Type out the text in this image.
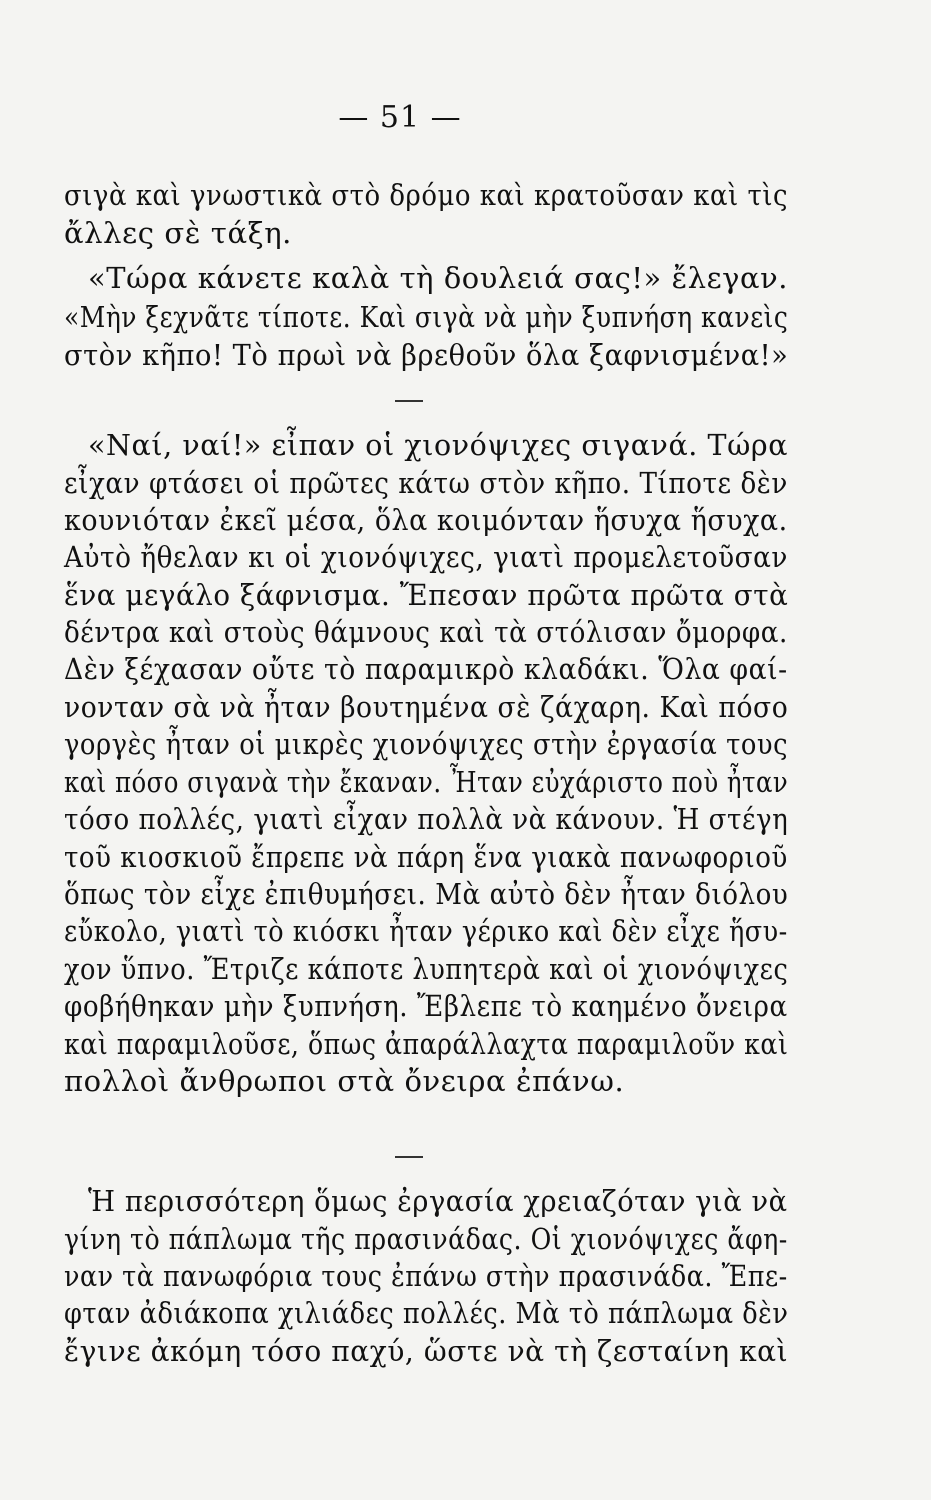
— 51 —
σιγὰ καὶ γνωστικὰ στὸ δρόμο καὶ κρατοῦσαν καὶ τὶς
ἄλλες σὲ τάξη.
«Τώρα κάνετε καλὰ τὴ δουλειά σας!» ἔλεγαν.
«Μὴν ξεχνᾶτε τίποτε. Καὶ σιγὰ νὰ μὴν ξυπνήση κανεὶς
στὸν κῆπο! Τὸ πρωὶ νὰ βρεθοῦν ὅλα ξαφνισμένα!»
«Ναί, ναί!» εἶπαν οἱ χιονόψιχες σιγανά. Τώρα
εἶχαν φτάσει οἱ πρῶτες κάτω στὸν κῆπο. Τίποτε δὲν
κουνιόταν ἐκεῖ μέσα, ὅλα κοιμόνταν ἥσυχα ἥσυχα.
Αὐτὸ ἤθελαν κι οἱ χιονόψιχες, γιατὶ προμελετοῦσαν
ἕνα μεγάλο ξάφνισμα. Ἔπεσαν πρῶτα πρῶτα στὰ
δέντρα καὶ στοὺς θάμνους καὶ τὰ στόλισαν ὄμορφα.
Δὲν ξέχασαν οὔτε τὸ παραμικρὸ κλαδάκι. Ὅλα φαί-
νονταν σὰ νὰ ἦταν βουτημένα σὲ ζάχαρη. Καὶ πόσο
γοργὲς ἦταν οἱ μικρὲς χιονόψιχες στὴν ἐργασία τους
καὶ πόσο σιγανὰ τὴν ἔκαναν. Ἦταν εὐχάριστο ποὺ ἦταν
τόσο πολλές, γιατὶ εἶχαν πολλὰ νὰ κάνουν. Ἡ στέγη
τοῦ κιοσκιοῦ ἔπρεπε νὰ πάρη ἕνα γιακὰ πανωφοριοῦ
ὅπως τὸν εἶχε ἐπιθυμήσει. Μὰ αὐτὸ δὲν ἦταν διόλου
εὔκολο, γιατὶ τὸ κιόσκι ἦταν γέρικο καὶ δὲν εἶχε ἥσυ-
χον ὕπνο. Ἔτριζε κάποτε λυπητερὰ καὶ οἱ χιονόψιχες
φοβήθηκαν μὴν ξυπνήση. Ἔβλεπε τὸ καημένο ὄνειρα
καὶ παραμιλοῦσε, ὅπως ἀπαράλλαχτα παραμιλοῦν καὶ
πολλοὶ ἄνθρωποι στὰ ὄνειρα ἐπάνω.
Ἡ περισσότερη ὅμως ἐργασία χρειαζόταν γιὰ νὰ
γίνη τὸ πάπλωμα τῆς πρασινάδας. Οἱ χιονόψιχες ἄφη-
ναν τὰ πανωφόρια τους ἐπάνω στὴν πρασινάδα. Ἔπε-
φταν ἀδιάκοπα χιλιάδες πολλές. Μὰ τὸ πάπλωμα δὲν
ἔγινε ἀκόμη τόσο παχύ, ὥστε νὰ τὴ ζεσταίνη καὶ
